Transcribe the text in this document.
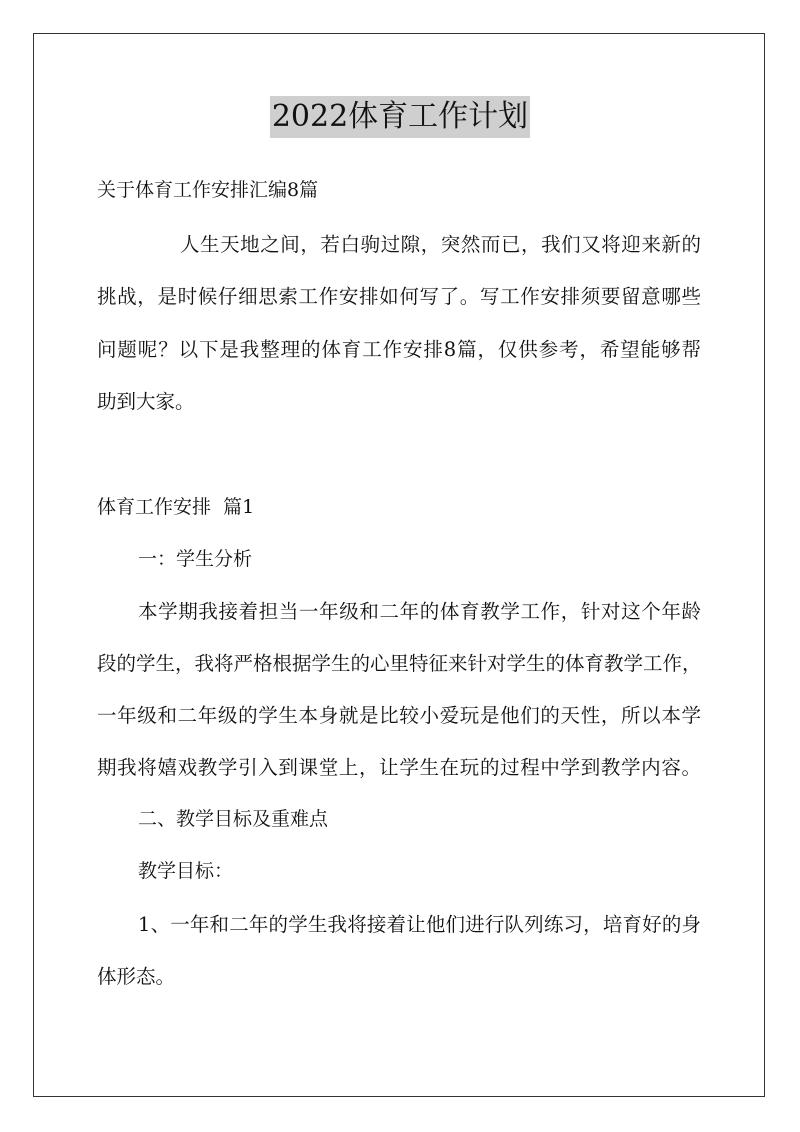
2022体育工作计划
关于体育工作安排汇编8篇
人生天地之间，若白驹过隙，突然而已，我们又将迎来新的
挑战，是时候仔细思索工作安排如何写了。写工作安排须要留意哪些
问题呢？以下是我整理的体育工作安排8篇，仅供参考，希望能够帮
助到大家。
体育工作安排  篇1
一：学生分析
本学期我接着担当一年级和二年的体育教学工作，针对这个年龄
段的学生，我将严格根据学生的心里特征来针对学生的体育教学工作，
一年级和二年级的学生本身就是比较小爱玩是他们的天性，所以本学
期我将嬉戏教学引入到课堂上，让学生在玩的过程中学到教学内容。
二、教学目标及重难点
教学目标：
1、一年和二年的学生我将接着让他们进行队列练习，培育好的身
体形态。
